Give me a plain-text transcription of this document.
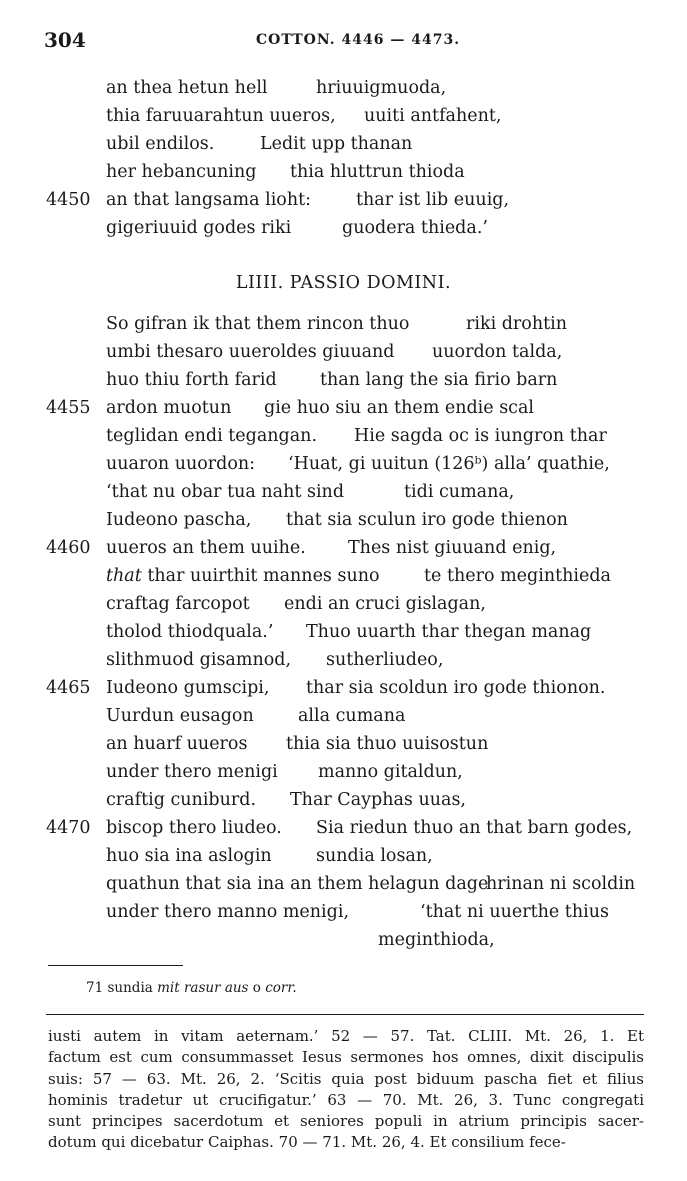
304	COTTON. 4446 — 4473.
an thea hetun hell	hriuuigmuoda,
thia faruuarahtun uueros, uuiti antfahent,
ubil endilos.	Ledit upp thanan
her hebancuning thia hluttrun thioda
4450 an that langsama lioht:	thar ist lib euuig,
gigeriuuid godes riki	guodera thieda.’
LIIII. PASSIO DOMINI.
So gifran ik that them rincon thuo	riki drohtin
umbi thesaro uueroldes giuuand uuordon talda,
huo thiu forth farid than lang the sia firio barn
4455 ardon muotun gie huo siu an them endie scal
teglidan endi tegangan. Hie sagda oc is iungron thar
uuaron uuordon: ‘Huat, gi uuitun (126ᵇ) alla’ quathie,
‘that nu obar tua naht sind	tidi cumana,
Iudeono pascha, that sia sculun iro gode thienon
4460 uueros an them uuihe. Thes nist giuuand enig,
that thar uuirthit mannes suno	te thero meginthieda
craftag farcopot endi an cruci gislagan,
tholod thiodquala.’ Thuo uuarth thar thegan manag
slithmuod gisamnod, sutherliudeo,
4465 Iudeono gumscipi, thar sia scoldun iro gode thionon.
Uurdun eusagon	alla cumana
an huarf uueros thia sia thuo uuisostun
under thero menigi manno gitaldun,
craftig cuniburd. Thar Cayphas uuas,
4470 biscop thero liudeo. Sia riedun thuo an that barn godes,
huo sia ina aslogin	sundia losan,
quathun that sia ina an them helagun dage
hrinan ni scoldin
under thero manno menigi,	‘that ni uuerthe thius
meginthioda,
71 sundia mit rasur aus o corr.
iusti autem in vitam aeternam.’ 52 — 57. Tat. CLIII. Mt. 26, 1. Et
factum est cum consummasset Iesus sermones hos omnes, dixit discipulis
suis: 57 — 63. Mt. 26, 2. ‘Scitis quia post biduum pascha fiet et filius
hominis tradetur ut crucifigatur.’ 63 — 70. Mt. 26, 3. Tunc congregati
sunt principes sacerdotum et seniores populi in atrium principis sacer-
dotum qui dicebatur Caiphas. 70 — 71. Mt. 26, 4. Et consilium fece-
